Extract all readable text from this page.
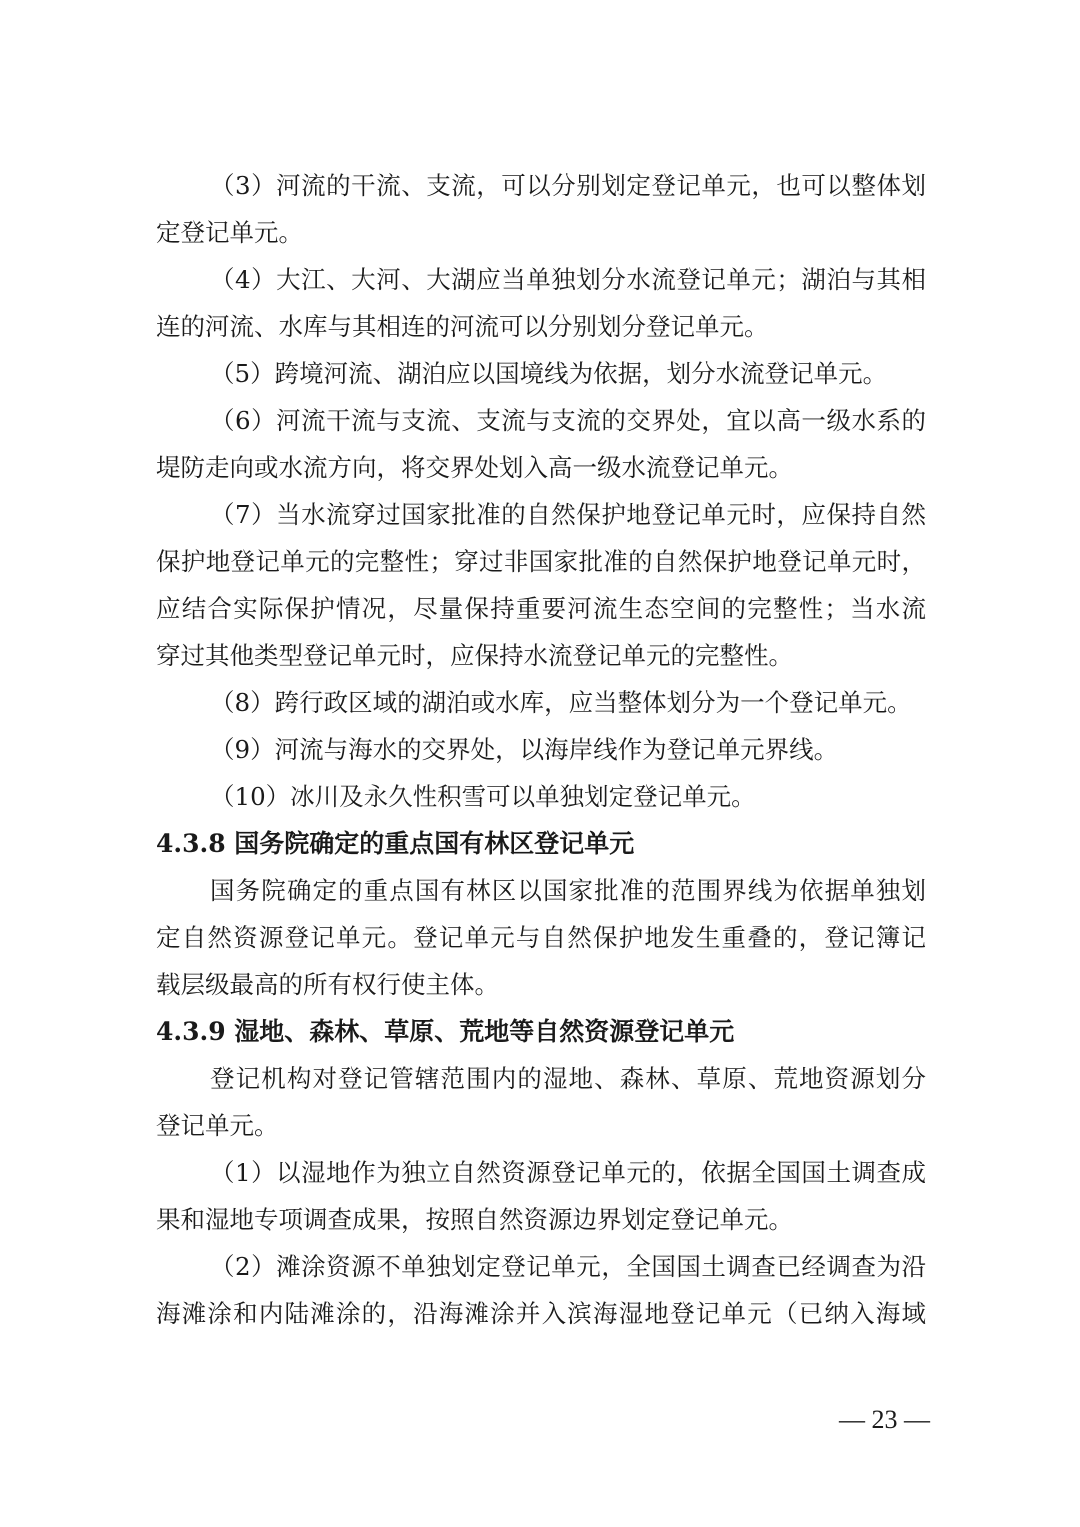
（3）河流的干流、支流，可以分别划定登记单元，也可以整体划
定登记单元。
（4）大江、大河、大湖应当单独划分水流登记单元；湖泊与其相
连的河流、水库与其相连的河流可以分别划分登记单元。
（5）跨境河流、湖泊应以国境线为依据，划分水流登记单元。
（6）河流干流与支流、支流与支流的交界处，宜以高一级水系的
堤防走向或水流方向，将交界处划入高一级水流登记单元。
（7）当水流穿过国家批准的自然保护地登记单元时，应保持自然
保护地登记单元的完整性；穿过非国家批准的自然保护地登记单元时，
应结合实际保护情况，尽量保持重要河流生态空间的完整性；当水流
穿过其他类型登记单元时，应保持水流登记单元的完整性。
（8）跨行政区域的湖泊或水库，应当整体划分为一个登记单元。
（9）河流与海水的交界处，以海岸线作为登记单元界线。
（10）冰川及永久性积雪可以单独划定登记单元。
4.3.8 国务院确定的重点国有林区登记单元
国务院确定的重点国有林区以国家批准的范围界线为依据单独划
定自然资源登记单元。登记单元与自然保护地发生重叠的，登记簿记
载层级最高的所有权行使主体。
4.3.9 湿地、森林、草原、荒地等自然资源登记单元
登记机构对登记管辖范围内的湿地、森林、草原、荒地资源划分
登记单元。
（1）以湿地作为独立自然资源登记单元的，依据全国国土调查成
果和湿地专项调查成果，按照自然资源边界划定登记单元。
（2）滩涂资源不单独划定登记单元，全国国土调查已经调查为沿
海滩涂和内陆滩涂的，沿海滩涂并入滨海湿地登记单元（已纳入海域
— 23 —
